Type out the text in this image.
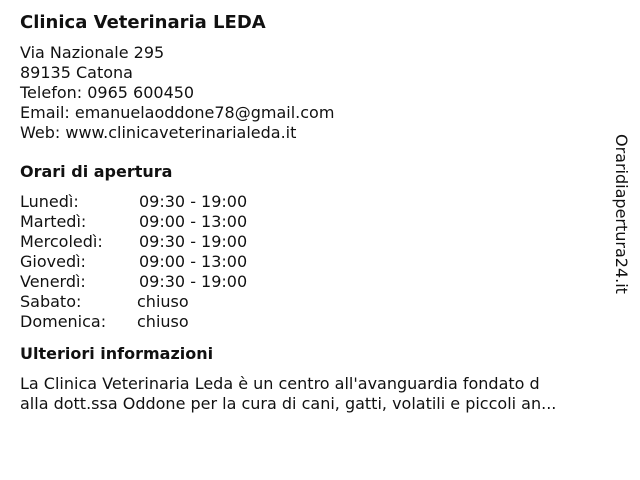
Clinica Veterinaria LEDA
Via Nazionale 295
89135 Catona
Telefon: 0965 600450
Email: emanuelaoddone78@gmail.com
Web: www.clinicaveterinarialeda.it
Orari di apertura
Lunedì:	09:30 - 19:00
Martedì:	09:00 - 13:00
Mercoledì:	09:30 - 19:00
Giovedì:	09:00 - 13:00
Venerdì:	09:30 - 19:00
Sabato:	chiuso
Domenica:	chiuso
Ulteriori informazioni
La Clinica Veterinaria Leda è un centro all'avanguardia fondato d
alla dott.ssa Oddone per la cura di cani, gatti, volatili e piccoli an...
Oraridiapertura24.it
